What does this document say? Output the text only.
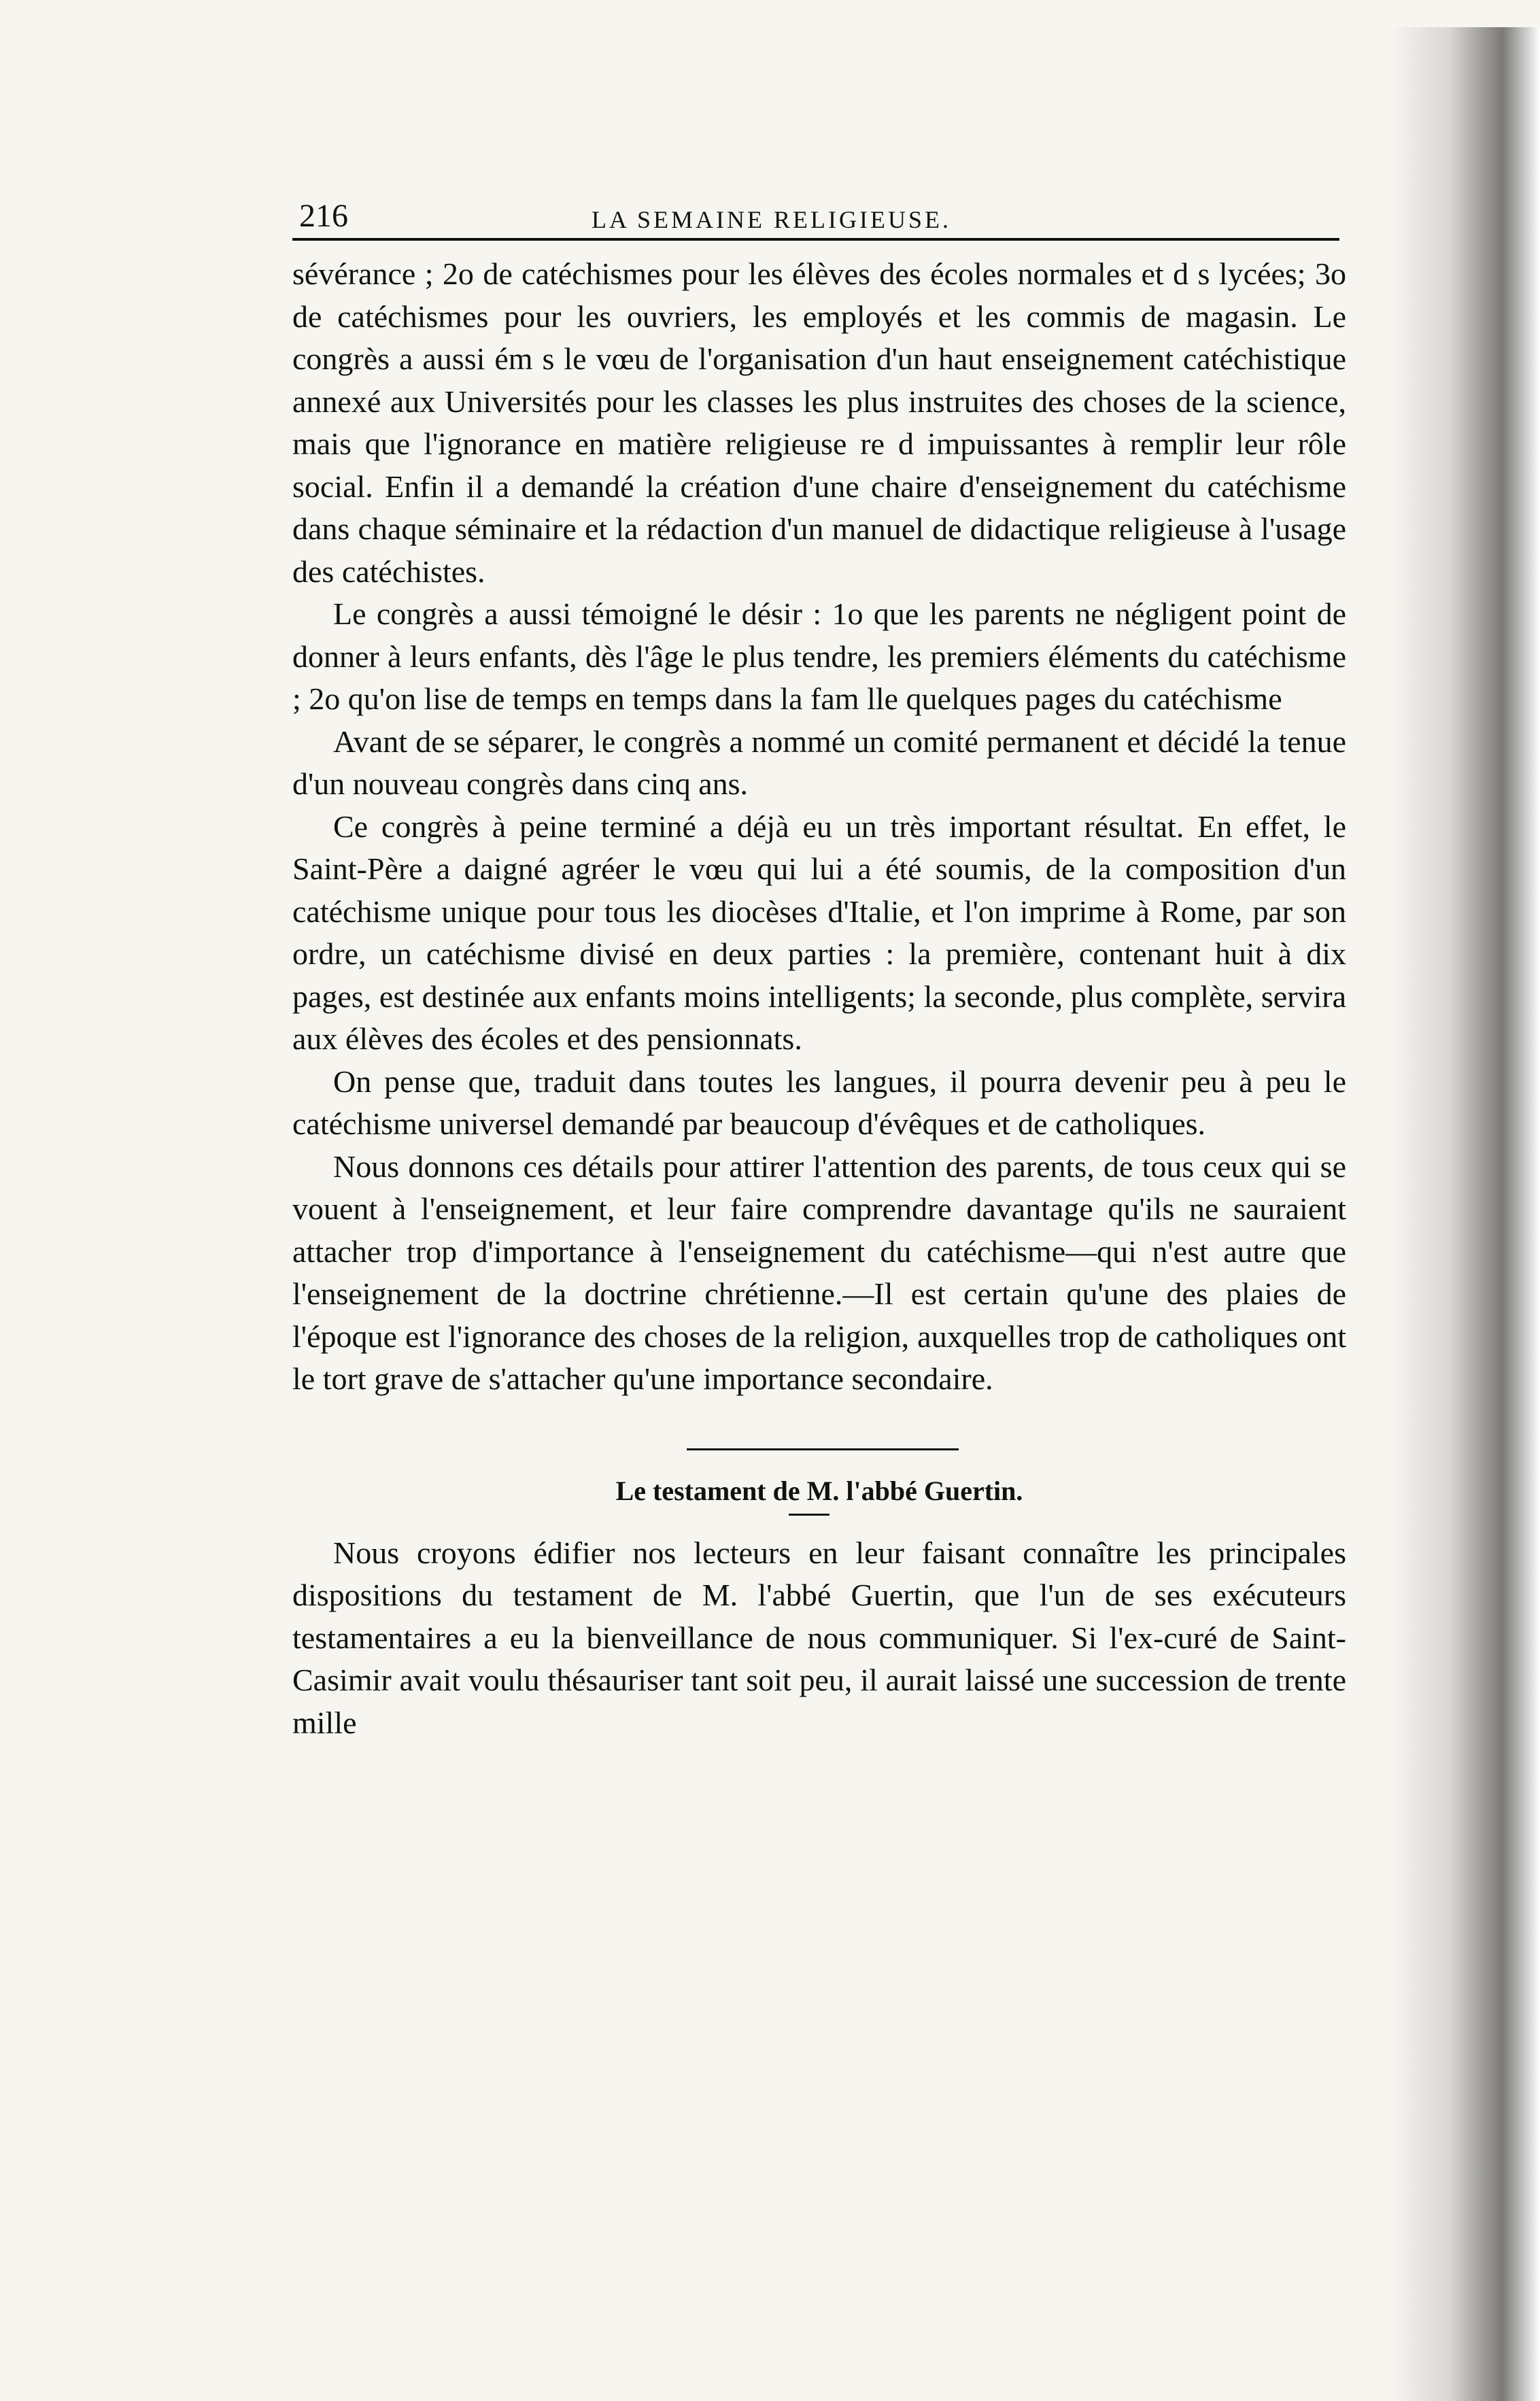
216	LA SEMAINE RELIGIEUSE.

sévérance ; 2o de catéchismes pour les élèves des écoles normales et d s lycées; 3o de catéchismes pour les ouvriers, les employés et les commis de magasin. Le congrès a aussi ém s le vœu de l'organisation d'un haut enseignement catéchistique annexé aux Universités pour les classes les plus instruites des choses de la science, mais que l'ignorance en matière religieuse re d impuissantes à remplir leur rôle social. Enfin il a demandé la création d'une chaire d'enseignement du catéchisme dans chaque séminaire et la rédaction d'un manuel de didactique religieuse à l'usage des catéchistes.

Le congrès a aussi témoigné le désir : 1o que les parents ne négligent point de donner à leurs enfants, dès l'âge le plus tendre, les premiers éléments du catéchisme ; 2o qu'on lise de temps en temps dans la fam lle quelques pages du catéchisme

Avant de se séparer, le congrès a nommé un comité permanent et décidé la tenue d'un nouveau congrès dans cinq ans.

Ce congrès à peine terminé a déjà eu un très important résultat. En effet, le Saint-Père a daigné agréer le vœu qui lui a été soumis, de la composition d'un catéchisme unique pour tous les diocèses d'Italie, et l'on imprime à Rome, par son ordre, un catéchisme divisé en deux parties : la première, contenant huit à dix pages, est destinée aux enfants moins intelligents; la seconde, plus complète, servira aux élèves des écoles et des pensionnats.

On pense que, traduit dans toutes les langues, il pourra devenir peu à peu le catéchisme universel demandé par beaucoup d'évêques et de catholiques.

Nous donnons ces détails pour attirer l'attention des parents, de tous ceux qui se vouent à l'enseignement, et leur faire comprendre davantage qu'ils ne sauraient attacher trop d'importance à l'enseignement du catéchisme—qui n'est autre que l'enseignement de la doctrine chrétienne.—Il est certain qu'une des plaies de l'époque est l'ignorance des choses de la religion, auxquelles trop de catholiques ont le tort grave de s'attacher qu'une importance secondaire.

Le testament de M. l'abbé Guertin.

Nous croyons édifier nos lecteurs en leur faisant connaître les principales dispositions du testament de M. l'abbé Guertin, que l'un de ses exécuteurs testamentaires a eu la bienveillance de nous communiquer. Si l'ex-curé de Saint-Casimir avait voulu thésauriser tant soit peu, il aurait laissé une succession de trente mille
